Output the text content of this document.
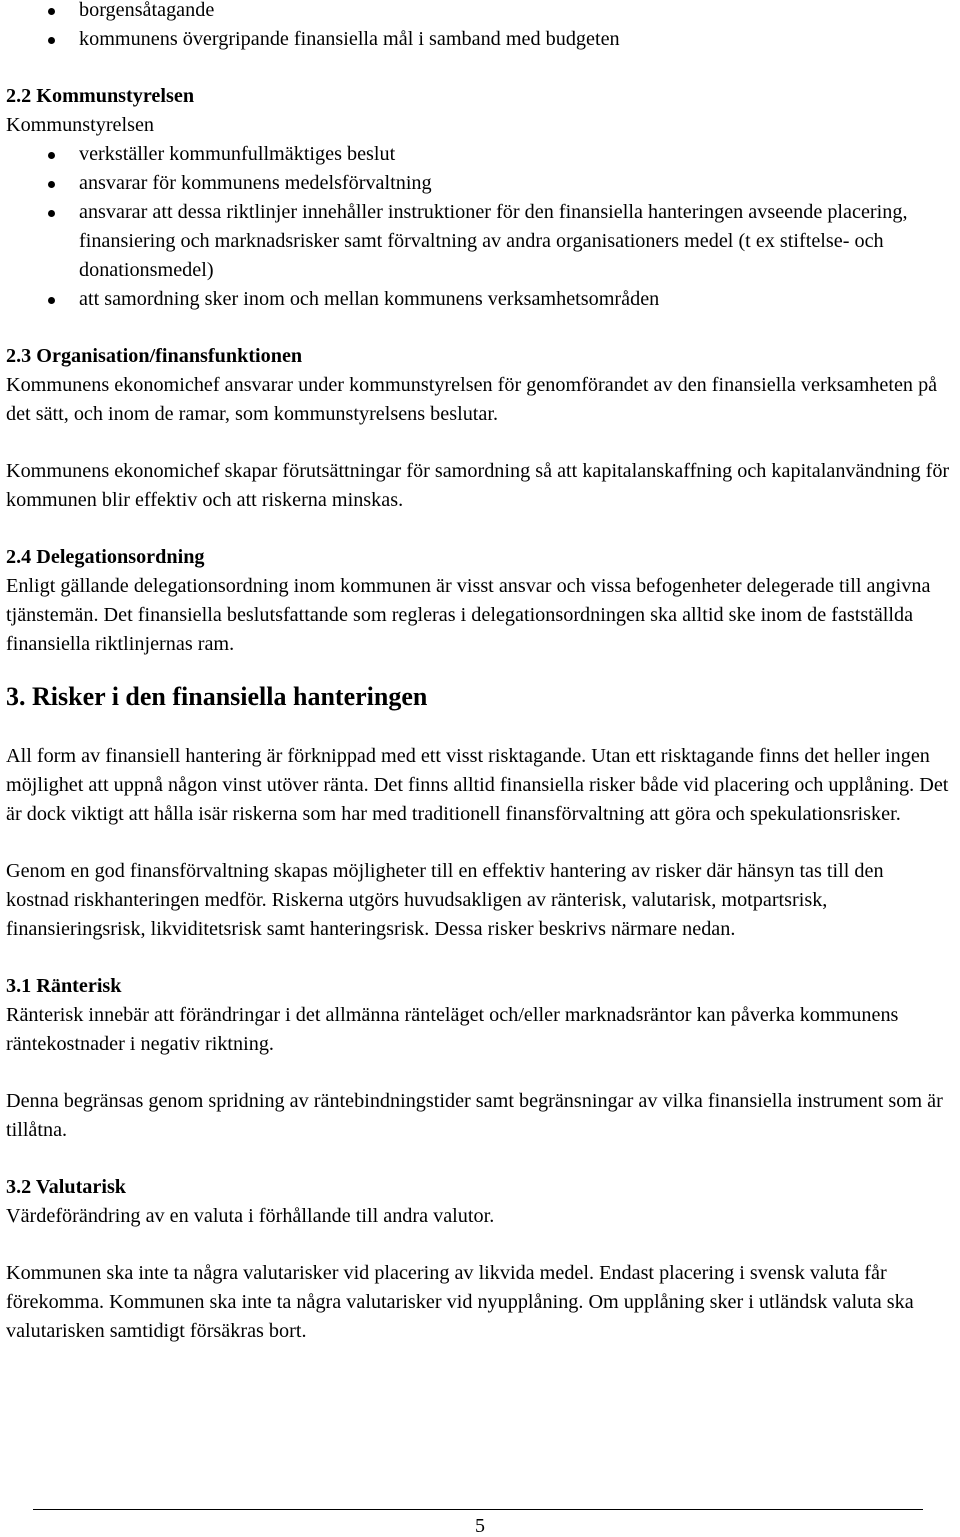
borgensåtagande
kommunens övergripande finansiella mål i samband med budgeten

2.2 Kommunstyrelsen

Kommunstyrelsen

verkställer kommunfullmäktiges beslut
ansvarar för kommunens medelsförvaltning
ansvarar att dessa riktlinjer innehåller instruktioner för den finansiella hanteringen avseende placering, finansiering och marknadsrisker samt förvaltning av andra organisationers medel (t ex stiftelse- och donationsmedel)
att samordning sker inom och mellan kommunens verksamhetsområden

2.3 Organisation/finansfunktionen

Kommunens ekonomichef ansvarar under kommunstyrelsen för genomförandet av den finansiella verksamheten på det sätt, och inom de ramar, som kommunstyrelsens beslutar.

Kommunens ekonomichef skapar förutsättningar för samordning så att kapitalanskaffning och kapitalanvändning för kommunen blir effektiv och att riskerna minskas.

2.4 Delegationsordning

Enligt gällande delegationsordning inom kommunen är visst ansvar och vissa befogenheter delegerade till angivna tjänstemän. Det finansiella beslutsfattande som regleras i delegationsordningen ska alltid ske inom de fastställda finansiella riktlinjernas ram.

3. Risker i den finansiella hanteringen

All form av finansiell hantering är förknippad med ett visst risktagande. Utan ett risktagande finns det heller ingen möjlighet att uppnå någon vinst utöver ränta. Det finns alltid finansiella risker både vid placering och upplåning. Det är dock viktigt att hålla isär riskerna som har med traditionell finansförvaltning att göra och spekulationsrisker.

Genom en god finansförvaltning skapas möjligheter till en effektiv hantering av risker där hänsyn tas till den kostnad riskhanteringen medför. Riskerna utgörs huvudsakligen av ränterisk, valutarisk, motpartsrisk, finansieringsrisk, likviditetsrisk samt hanteringsrisk. Dessa risker beskrivs närmare nedan.

3.1 Ränterisk

Ränterisk innebär att förändringar i det allmänna ränteläget och/eller marknadsräntor kan påverka kommunens räntekostnader i negativ riktning.

Denna begränsas genom spridning av räntebindningstider samt begränsningar av vilka finansiella instrument som är tillåtna.

3.2 Valutarisk

Värdeförändring av en valuta i förhållande till andra valutor.

Kommunen ska inte ta några valutarisker vid placering av likvida medel. Endast placering i svensk valuta får förekomma. Kommunen ska inte ta några valutarisker vid nyupplåning. Om upplåning sker i utländsk valuta ska valutarisken samtidigt försäkras bort.

5
